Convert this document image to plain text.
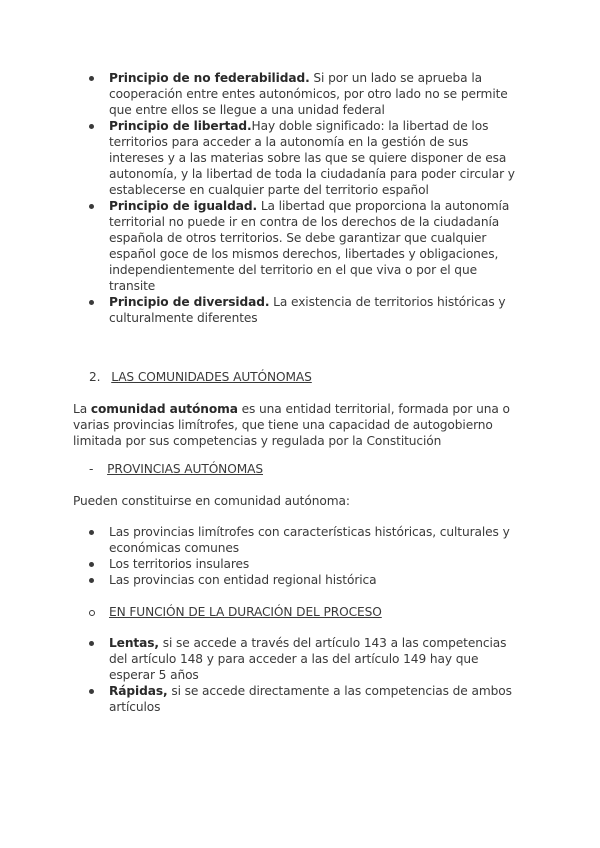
Principio de no federabilidad. Si por un lado se aprueba la cooperación entre entes autonómicos, por otro lado no se permite que entre ellos se llegue a una unidad federal
Principio de libertad.Hay doble significado: la libertad de los territorios para acceder a la autonomía en la gestión de sus intereses y a las materias sobre las que se quiere disponer de esa autonomía, y la libertad de toda la ciudadanía para poder circular y establecerse en cualquier parte del territorio español
Principio de igualdad. La libertad que proporciona la autonomía territorial no puede ir en contra de los derechos de la ciudadanía española de otros territorios. Se debe garantizar que cualquier español goce de los mismos derechos, libertades y obligaciones, independientemente del territorio en el que viva o por el que transite
Principio de diversidad. La existencia de territorios históricas y culturalmente diferentes
2. LAS COMUNIDADES AUTÓNOMAS
La comunidad autónoma es una entidad territorial, formada por una o varias provincias limítrofes, que tiene una capacidad de autogobierno limitada por sus competencias y regulada por la Constitución
- PROVINCIAS AUTÓNOMAS
Pueden constituirse en comunidad autónoma:
Las provincias limítrofes con características históricas, culturales y económicas comunes
Los territorios insulares
Las provincias con entidad regional histórica
EN FUNCIÓN DE LA DURACIÓN DEL PROCESO
Lentas, si se accede a través del artículo 143 a las competencias del artículo 148 y para acceder a las del artículo 149 hay que esperar 5 años
Rápidas, si se accede directamente a las competencias de ambos artículos
